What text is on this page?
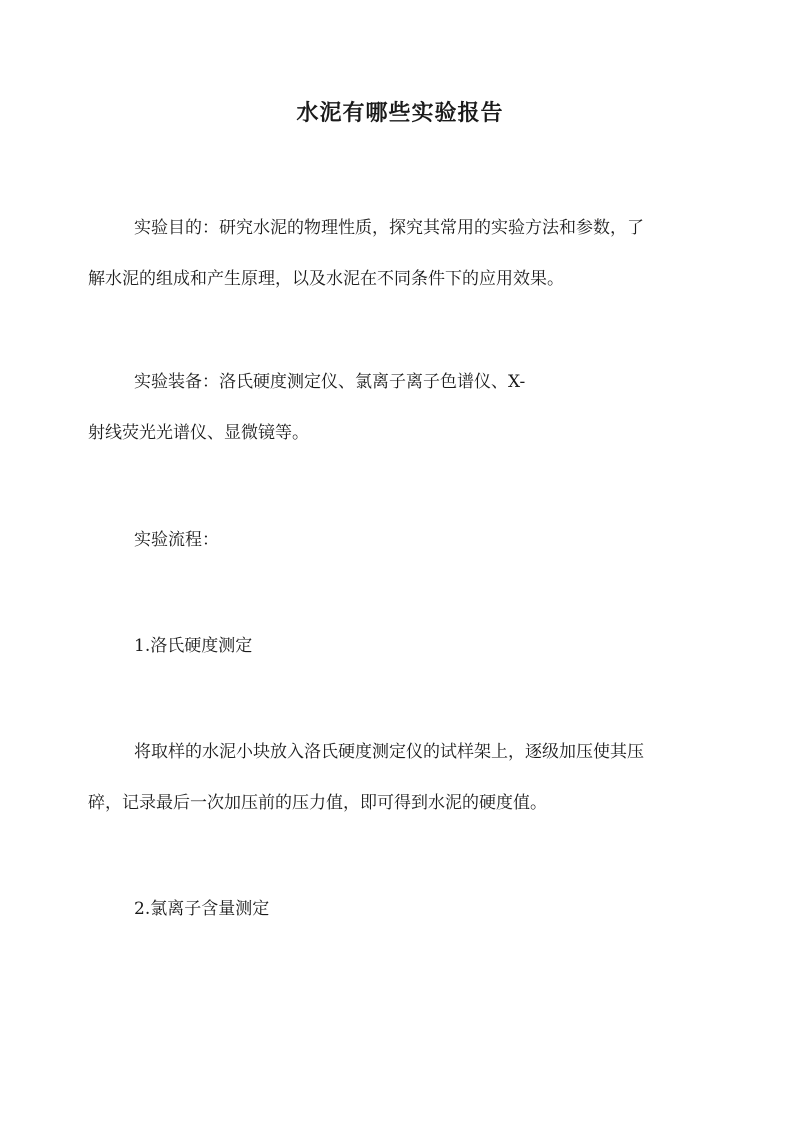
水泥有哪些实验报告

实验目的：研究水泥的物理性质，探究其常用的实验方法和参数，了
解水泥的组成和产生原理，以及水泥在不同条件下的应用效果。

实验装备：洛氏硬度测定仪、氯离子离子色谱仪、X-
射线荧光光谱仪、显微镜等。

实验流程：

1.洛氏硬度测定

将取样的水泥小块放入洛氏硬度测定仪的试样架上，逐级加压使其压
碎，记录最后一次加压前的压力值，即可得到水泥的硬度值。

2.氯离子含量测定
